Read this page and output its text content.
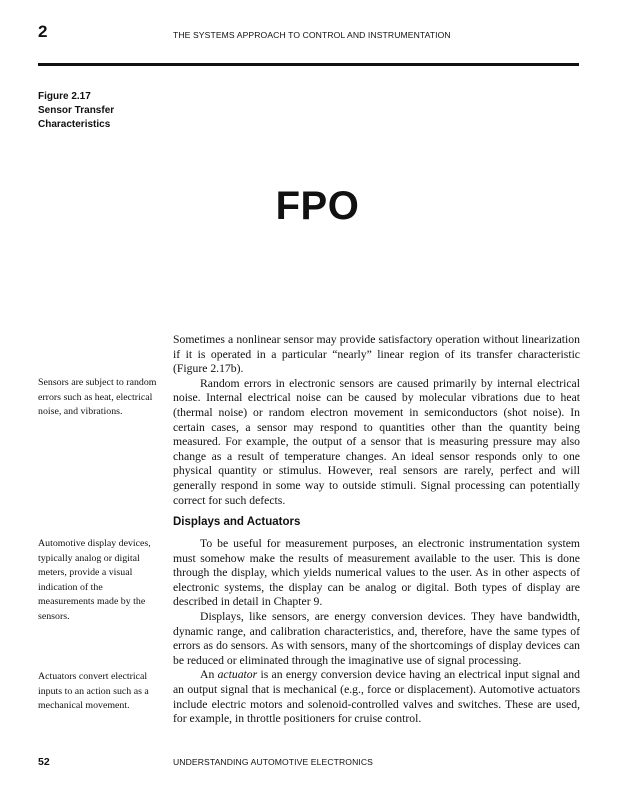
2	THE SYSTEMS APPROACH TO CONTROL AND INSTRUMENTATION
Figure 2.17
Sensor Transfer
Characteristics
FPO
Sensors are subject to random errors such as heat, electrical noise, and vibrations.
Automotive display devices, typically analog or digital meters, provide a visual indication of the measurements made by the sensors.
Actuators convert electrical inputs to an action such as a mechanical movement.

Sometimes a nonlinear sensor may provide satisfactory operation without linearization if it is operated in a particular “nearly” linear region of its transfer characteristic (Figure 2.17b).

Random errors in electronic sensors are caused primarily by internal electrical noise. Internal electrical noise can be caused by molecular vibrations due to heat (thermal noise) or random electron movement in semiconductors (shot noise). In certain cases, a sensor may respond to quantities other than the quantity being measured. For example, the output of a sensor that is measuring pressure may also change as a result of temperature changes. An ideal sensor responds only to one physical quantity or stimulus. However, real sensors are rarely, perfect and will generally respond in some way to outside stimuli. Signal processing can potentially correct for such defects.

Displays and Actuators

To be useful for measurement purposes, an electronic instrumentation system must somehow make the results of measurement available to the user. This is done through the display, which yields numerical values to the user. As in other aspects of electronic systems, the display can be analog or digital. Both types of display are described in detail in Chapter 9.

Displays, like sensors, are energy conversion devices. They have bandwidth, dynamic range, and calibration characteristics, and, therefore, have the same types of errors as do sensors. As with sensors, many of the shortcomings of display devices can be reduced or eliminated through the imaginative use of signal processing.

An actuator is an energy conversion device having an electrical input signal and an output signal that is mechanical (e.g., force or displacement). Automotive actuators include electric motors and solenoid-controlled valves and switches. These are used, for example, in throttle positioners for cruise control.

52	UNDERSTANDING AUTOMOTIVE ELECTRONICS
